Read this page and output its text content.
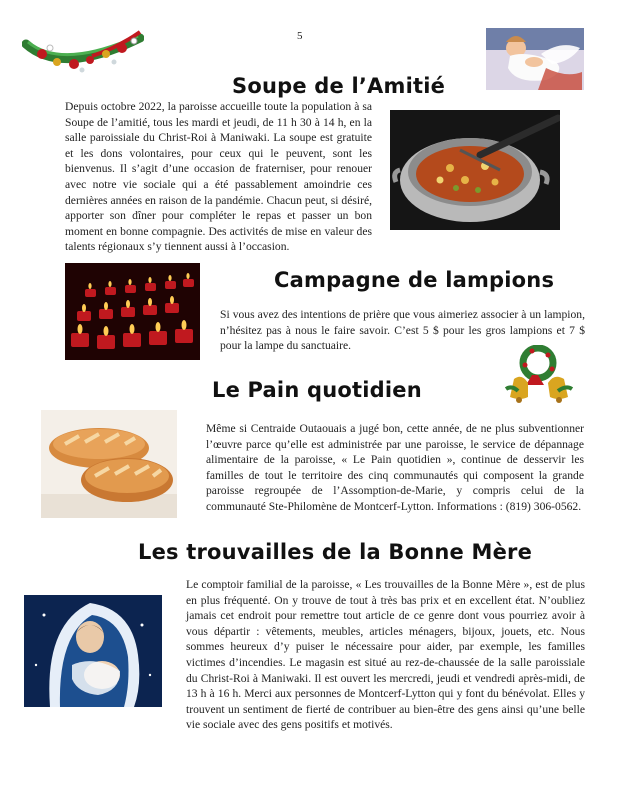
5
Soupe de l’Amitié

Depuis octobre 2022, la paroisse accueille toute la population à sa Soupe de l’amitié, tous les mardi et jeudi, de 11 h 30 à 14 h, en la salle paroissiale du Christ-Roi à Maniwaki. La soupe est gratuite et les dons volontaires, pour ceux qui le peuvent, sont les bienvenus. Il s’agit d’une occasion de fraterniser, pour renouer avec notre vie sociale qui a été passablement amoindrie ces dernières années en raison de la pandémie. Chacun peut, si désiré, apporter son dîner pour compléter le repas et passer un bon moment en bonne compagnie. Des activités de mise en valeur des talents régionaux s’y tiennent aussi à l’occasion.

Campagne de lampions

Si vous avez des intentions de prière que vous aimeriez associer à un lampion, n’hésitez pas à nous le faire savoir. C’est 5 $ pour les gros lampions et 7 $ pour la lampe du sanctuaire.

Le Pain quotidien

Même si Centraide Outaouais a jugé bon, cette année, de ne plus subventionner l’œuvre parce qu’elle est administrée par une paroisse, le service de dépannage alimentaire de la paroisse, « Le Pain quotidien », continue de desservir les familles de tout le territoire des cinq communautés qui composent la grande paroisse regroupée de l’Assomption-de-Marie, y compris celui de la communauté Ste-Philomène de Montcerf-Lytton. Informations : (819) 306-0562.

Les trouvailles de la Bonne Mère

Le comptoir familial de la paroisse, « Les trouvailles de la Bonne Mère », est de plus en plus fréquenté. On y trouve de tout à très bas prix et en excellent état. N’oubliez jamais cet endroit pour remettre tout article de ce genre dont vous pourriez avoir à vous départir : vêtements, meubles, articles ménagers, bijoux, jouets, etc. Nous sommes heureux d’y puiser le nécessaire pour aider, par exemple, les familles victimes d’incendies. Le magasin est situé au rez-de-chaussée de la salle paroissiale du Christ-Roi à Maniwaki. Il est ouvert les mercredi, jeudi et vendredi après-midi, de 13 h à 16 h. Merci aux personnes de Montcerf-Lytton qui y font du bénévolat. Elles y trouvent un sentiment de fierté de contribuer au bien-être des gens ainsi qu’une belle vie sociale avec des gens positifs et motivés.
